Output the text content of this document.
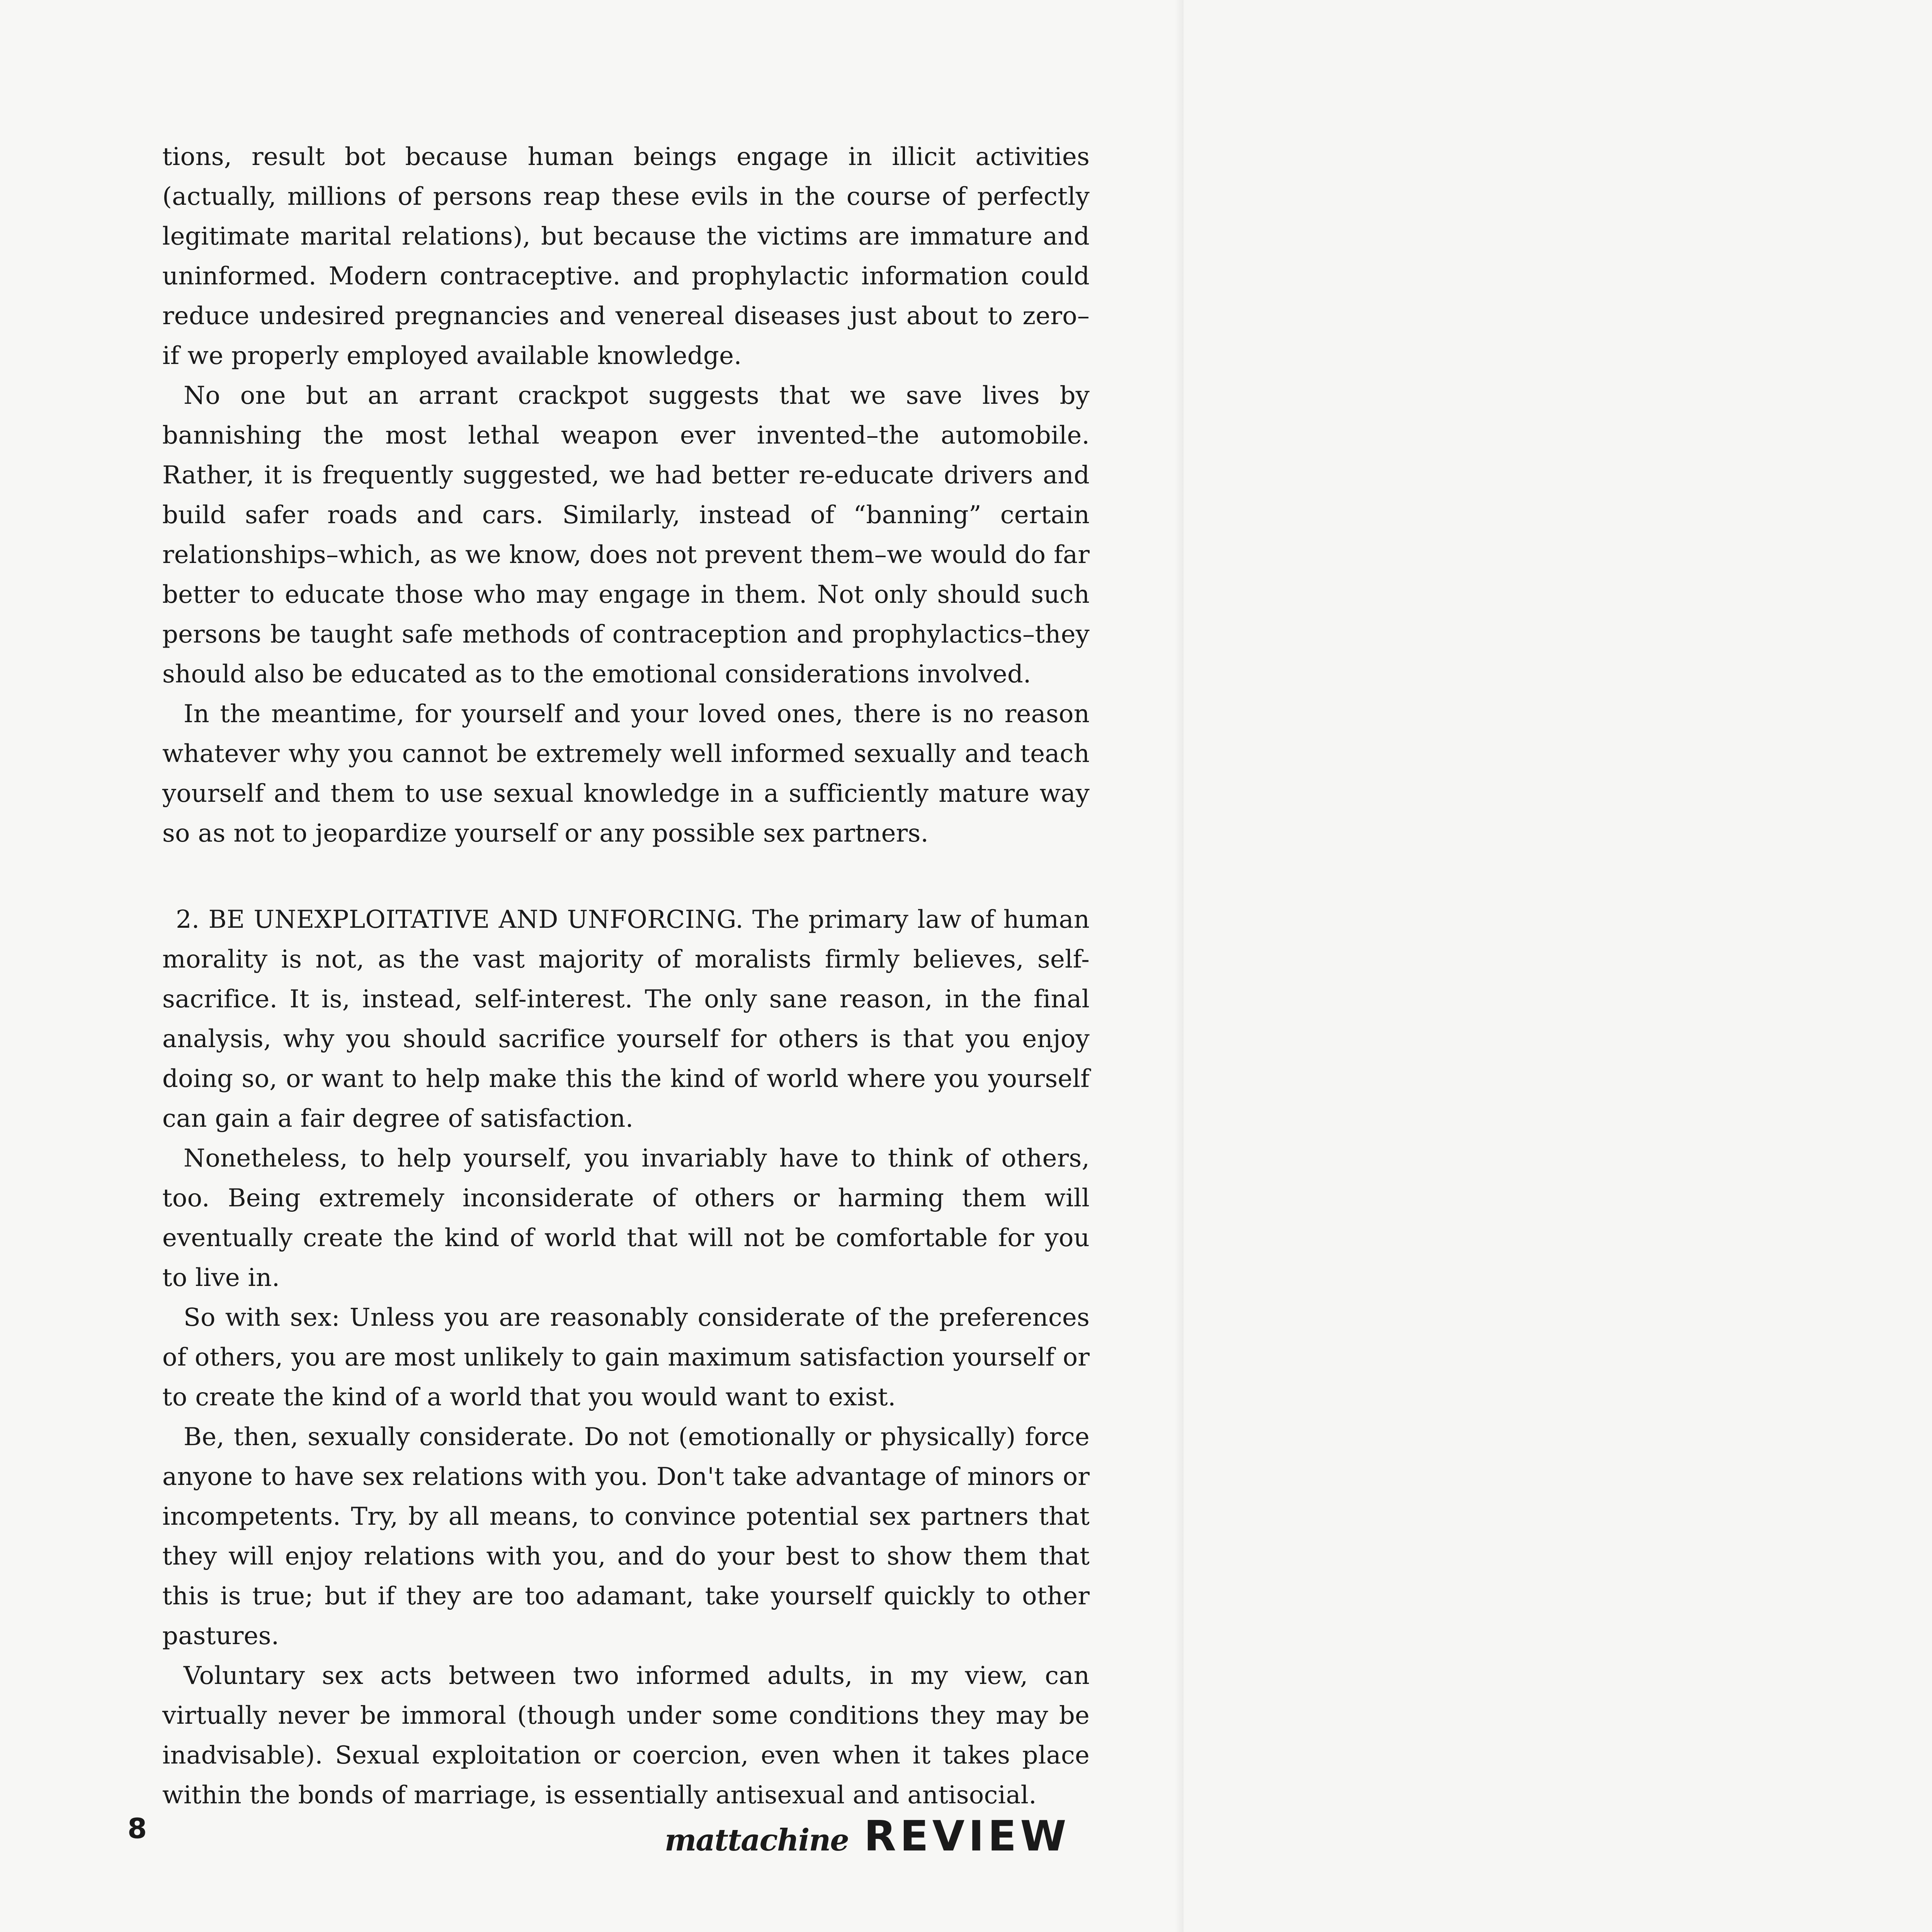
tions, result bot because human beings engage in illicit activities (actually, millions of persons reap these evils in the course of perfectly legitimate marital relations), but because the victims are immature and uninformed. Modern contraceptive. and prophylactic information could reduce undesired pregnancies and venereal diseases just about to zero–if we properly employed available knowledge.

No one but an arrant crackpot suggests that we save lives by bannishing the most lethal weapon ever invented–the automobile. Rather, it is frequently suggested, we had better re-educate drivers and build safer roads and cars. Similarly, instead of “banning” certain relationships–which, as we know, does not prevent them–we would do far better to educate those who may engage in them. Not only should such persons be taught safe methods of contraception and prophylactics–they should also be educated as to the emotional considerations involved.

In the meantime, for yourself and your loved ones, there is no reason whatever why you cannot be extremely well informed sexually and teach yourself and them to use sexual knowledge in a sufficiently mature way so as not to jeopardize yourself or any possible sex partners.

2. BE UNEXPLOITATIVE AND UNFORCING. The primary law of human morality is not, as the vast majority of moralists firmly believes, self-sacrifice. It is, instead, self-interest. The only sane reason, in the final analysis, why you should sacrifice yourself for others is that you enjoy doing so, or want to help make this the kind of world where you yourself can gain a fair degree of satisfaction.

Nonetheless, to help yourself, you invariably have to think of others, too. Being extremely inconsiderate of others or harming them will eventually create the kind of world that will not be comfortable for you to live in.

So with sex: Unless you are reasonably considerate of the preferences of others, you are most unlikely to gain maximum satisfaction yourself or to create the kind of a world that you would want to exist.

Be, then, sexually considerate. Do not (emotionally or physically) force anyone to have sex relations with you. Don't take advantage of minors or incompetents. Try, by all means, to convince potential sex partners that they will enjoy relations with you, and do your best to show them that this is true; but if they are too adamant, take yourself quickly to other pastures.

Voluntary sex acts between two informed adults, in my view, can virtually never be immoral (though under some conditions they may be inadvisable). Sexual exploitation or coercion, even when it takes place within the bonds of marriage, is essentially antisexual and antisocial.

8	mattachine REVIEW
